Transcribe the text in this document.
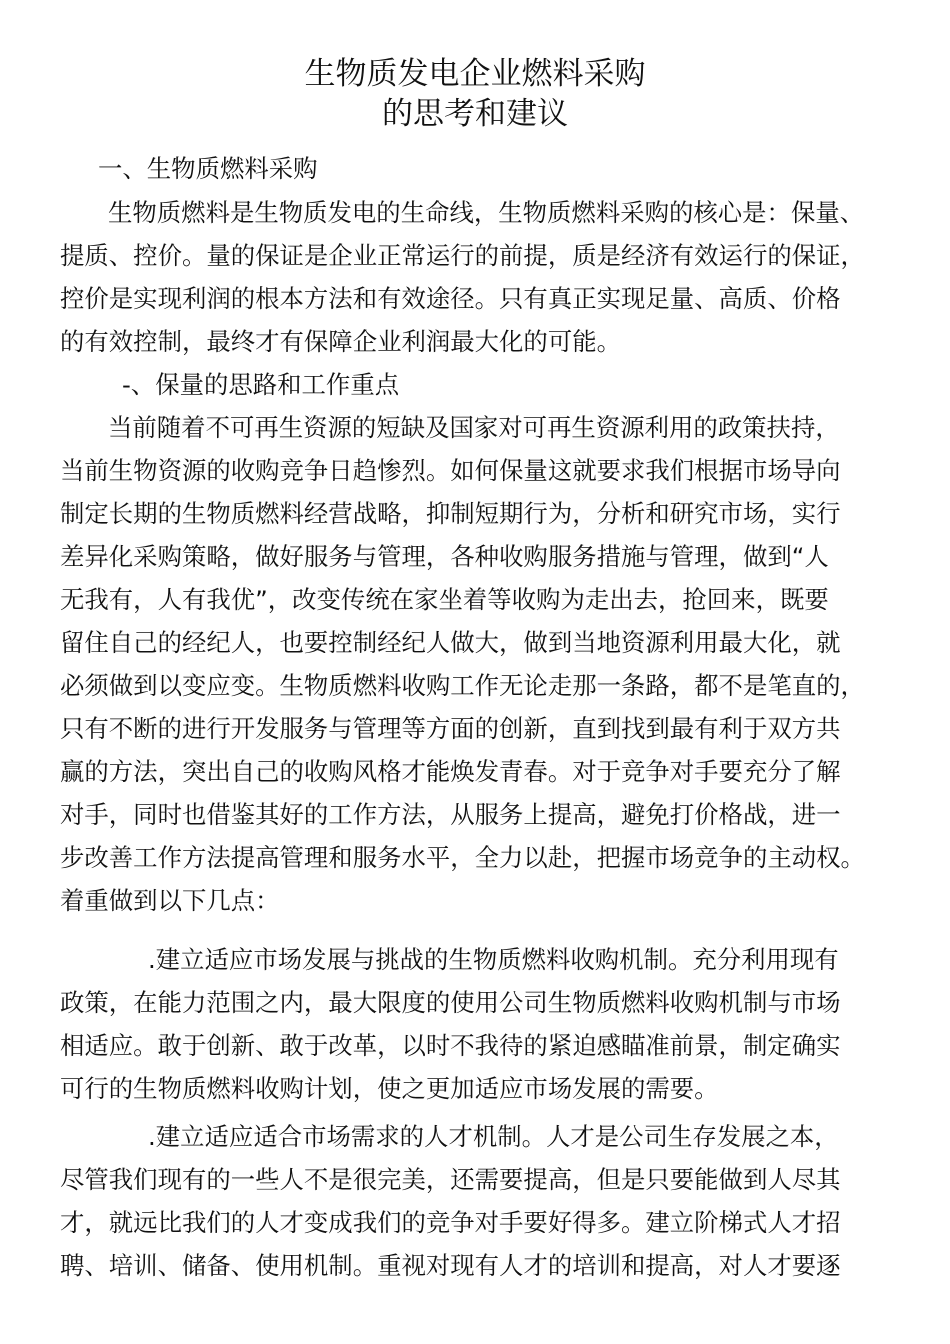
生物质发电企业燃料采购
的思考和建议
一、生物质燃料采购
生物质燃料是生物质发电的生命线，生物质燃料采购的核心是：保量、
提质、控价。量的保证是企业正常运行的前提，质是经济有效运行的保证，
控价是实现利润的根本方法和有效途径。只有真正实现足量、高质、价格
的有效控制，最终才有保障企业利润最大化的可能。
-、保量的思路和工作重点
当前随着不可再生资源的短缺及国家对可再生资源利用的政策扶持，
当前生物资源的收购竞争日趋惨烈。如何保量这就要求我们根据市场导向
制定长期的生物质燃料经营战略，抑制短期行为，分析和研究市场，实行
差异化采购策略，做好服务与管理，各种收购服务措施与管理，做到“人
无我有，人有我优”，改变传统在家坐着等收购为走出去，抢回来，既要
留住自己的经纪人，也要控制经纪人做大，做到当地资源利用最大化，就
必须做到以变应变。生物质燃料收购工作无论走那一条路，都不是笔直的，
只有不断的进行开发服务与管理等方面的创新，直到找到最有利于双方共
赢的方法，突出自己的收购风格才能焕发青春。对于竞争对手要充分了解
对手，同时也借鉴其好的工作方法，从服务上提高，避免打价格战，进一
步改善工作方法提高管理和服务水平，全力以赴，把握市场竞争的主动权。
着重做到以下几点：
.建立适应市场发展与挑战的生物质燃料收购机制。充分利用现有
政策，在能力范围之内，最大限度的使用公司生物质燃料收购机制与市场
相适应。敢于创新、敢于改革，以时不我待的紧迫感瞄准前景，制定确实
可行的生物质燃料收购计划，使之更加适应市场发展的需要。
.建立适应适合市场需求的人才机制。人才是公司生存发展之本，
尽管我们现有的一些人不是很完美，还需要提高，但是只要能做到人尽其
才，就远比我们的人才变成我们的竞争对手要好得多。建立阶梯式人才招
聘、培训、储备、使用机制。重视对现有人才的培训和提高，对人才要逐
